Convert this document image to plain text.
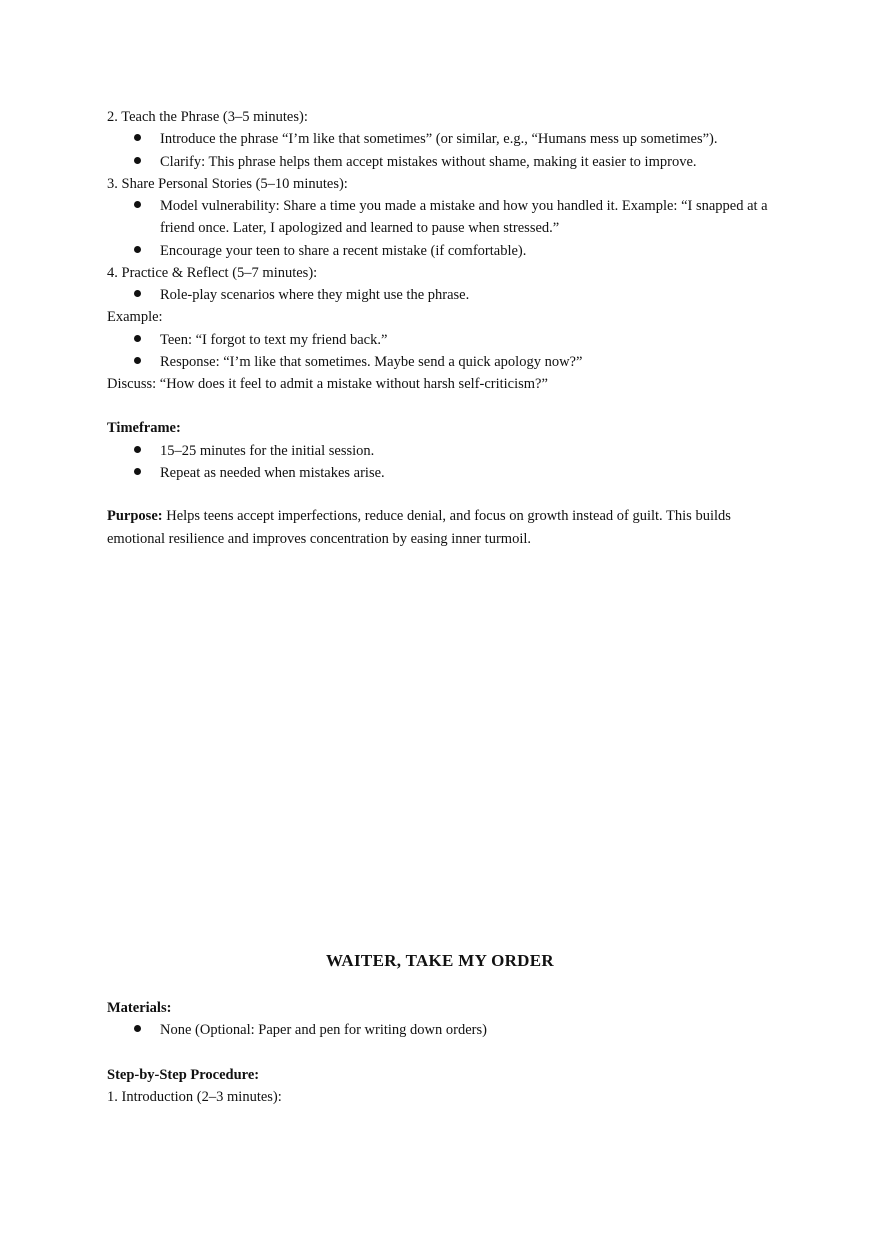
2. Teach the Phrase (3–5 minutes):
Introduce the phrase “I’m like that sometimes” (or similar, e.g., “Humans mess up sometimes”).
Clarify: This phrase helps them accept mistakes without shame, making it easier to improve.
3. Share Personal Stories (5–10 minutes):
Model vulnerability: Share a time you made a mistake and how you handled it. Example: “I snapped at a
friend once. Later, I apologized and learned to pause when stressed.”
Encourage your teen to share a recent mistake (if comfortable).
4. Practice & Reflect (5–7 minutes):
Role-play scenarios where they might use the phrase.
Example:
Teen: “I forgot to text my friend back.”
Response: “I’m like that sometimes. Maybe send a quick apology now?”
Discuss: “How does it feel to admit a mistake without harsh self-criticism?”
Timeframe:
15–25 minutes for the initial session.
Repeat as needed when mistakes arise.
Purpose: Helps teens accept imperfections, reduce denial, and focus on growth instead of guilt. This builds emotional resilience and improves concentration by easing inner turmoil.
WAITER, TAKE MY ORDER
Materials:
None (Optional: Paper and pen for writing down orders)
Step-by-Step Procedure:
1. Introduction (2–3 minutes):
